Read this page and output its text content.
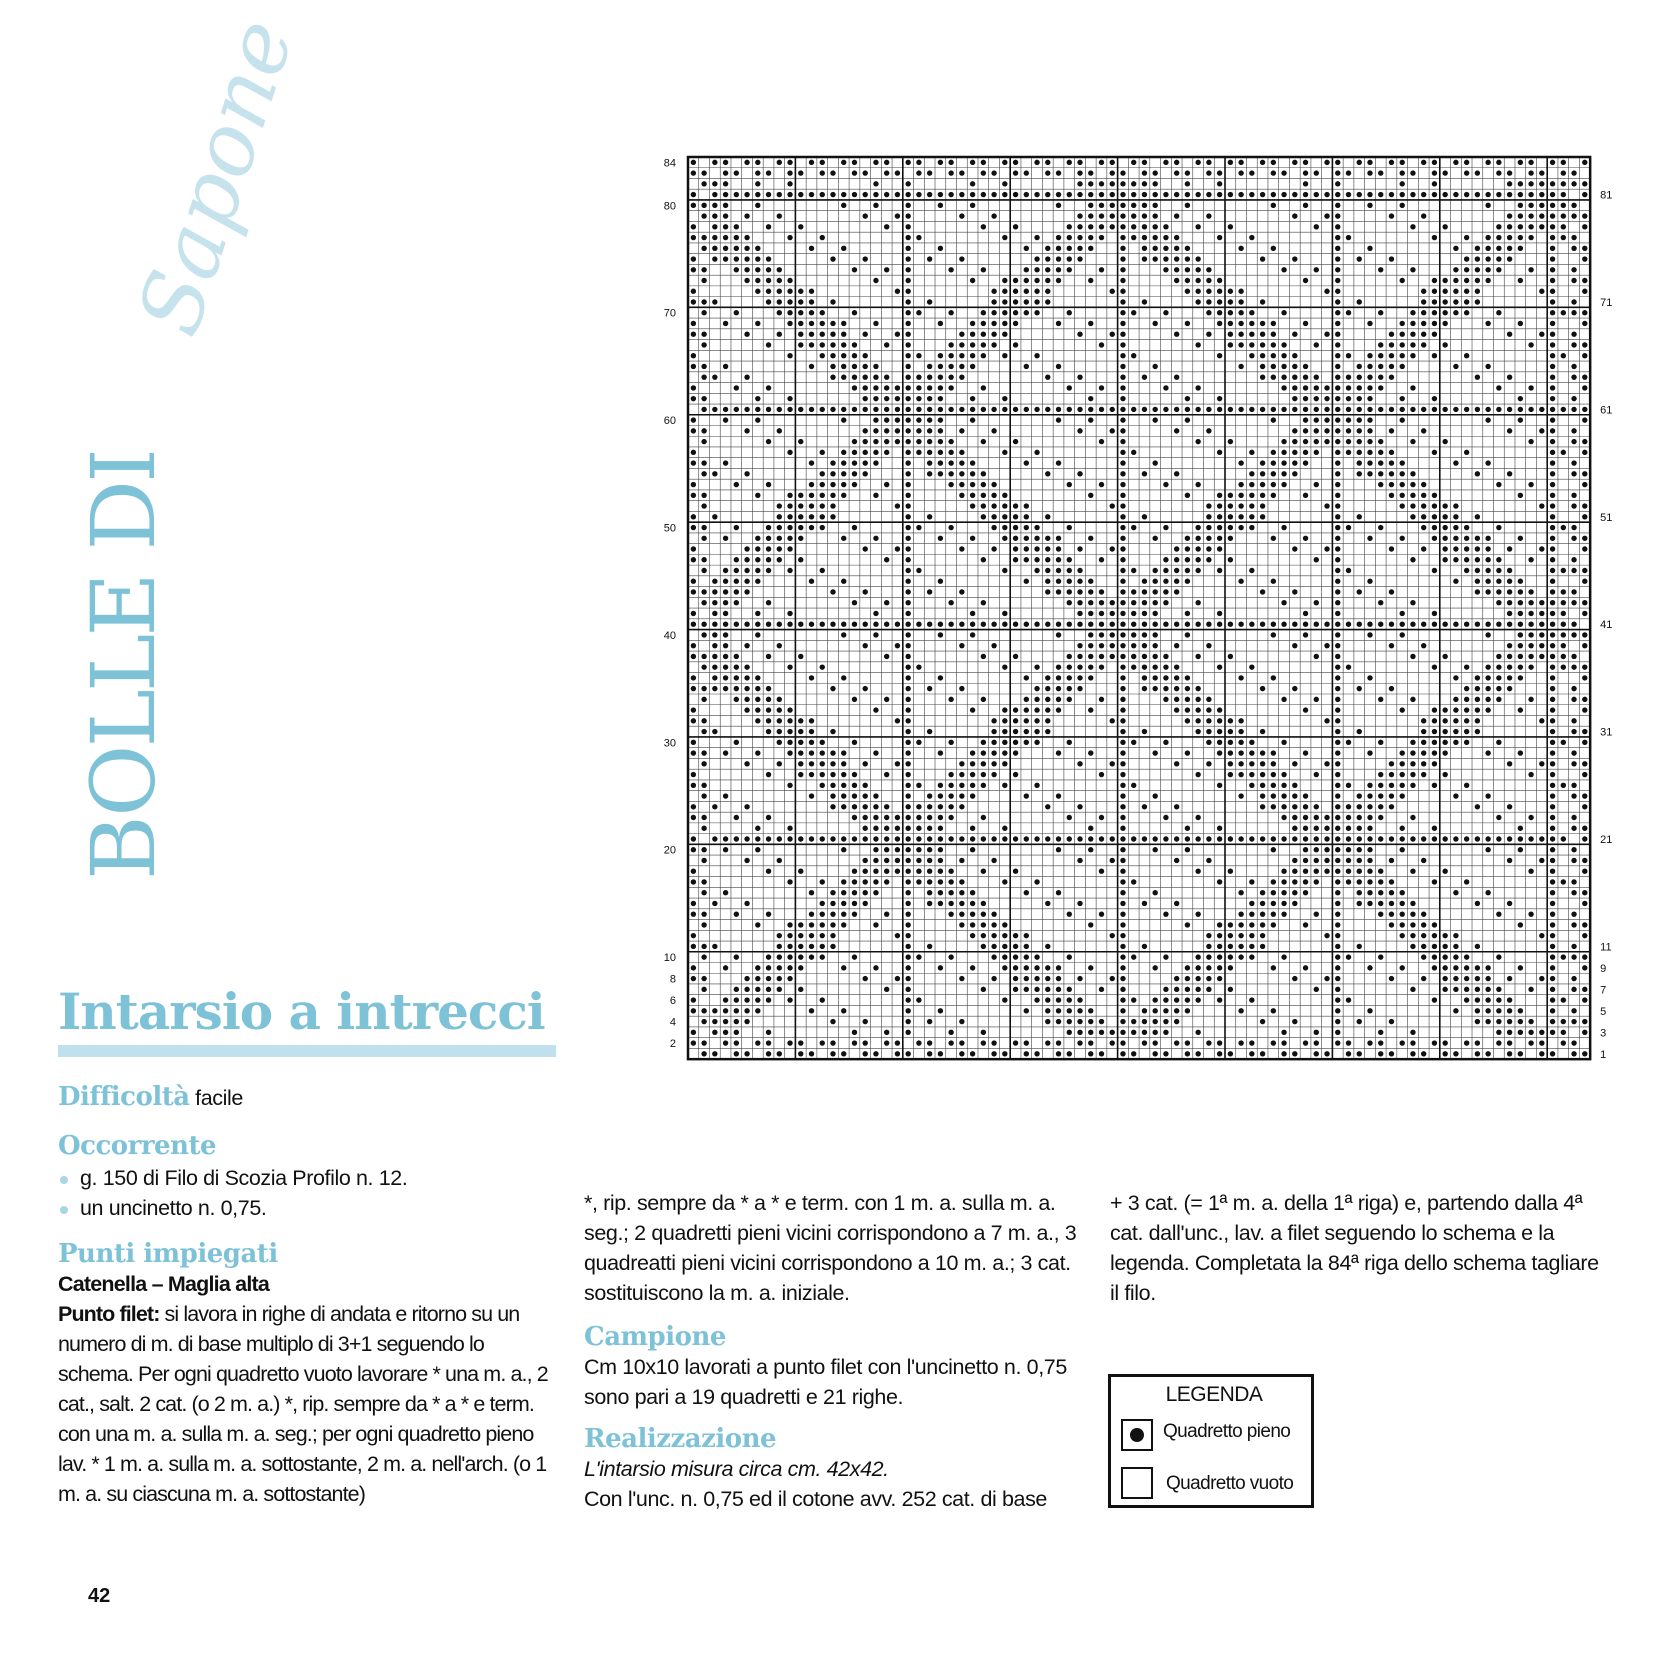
BOLLE DI
Sapone	84
80
70
60
50
40
30
20
10
8
6
4
2
81
71
61
51
41
31
21
11
9
7
5
3
1
Intarsio a intrecci

Difficoltà facile

Occorrente
g. 150 di Filo di Scozia Profilo n. 12.
un uncinetto n. 0,75.
Punti impiegati
Catenella – Maglia alta

Punto filet: si lavora in righe di andata e ritorno su un numero di m. di base multiplo di 3+1 seguendo lo schema. Per ogni quadretto vuoto lavorare * una m. a., 2 cat., salt. 2 cat. (o 2 m. a.) *, rip. sempre da * a * e term. con una m. a. sulla m. a. seg.; per ogni quadretto pieno lav. * 1 m. a. sulla m. a. sottostante, 2 m. a. nell'arch. (o 1 m. a. su ciascuna m. a. sottostante)

*, rip. sempre da * a * e term. con 1 m. a. sulla m. a. seg.; 2 quadretti pieni vicini corrispondono a 7 m. a., 3 quadreatti pieni vicini corrispondono a 10 m. a.; 3 cat. sostituiscono la m. a. iniziale.

Campione

Cm 10x10 lavorati a punto filet con l'uncinetto n. 0,75 sono pari a 19 quadretti e 21 righe.

Realizzazione

L'intarsio misura circa cm. 42x42.

Con l'unc. n. 0,75 ed il cotone avv. 252 cat. di base

+ 3 cat. (= 1ª m. a. della 1ª riga) e, partendo dalla 4ª cat. dall'unc., lav. a filet seguendo lo schema e la legenda. Completata la 84ª riga dello schema tagliare il filo.

LEGENDA
Quadretto pieno
Quadretto vuoto
42
